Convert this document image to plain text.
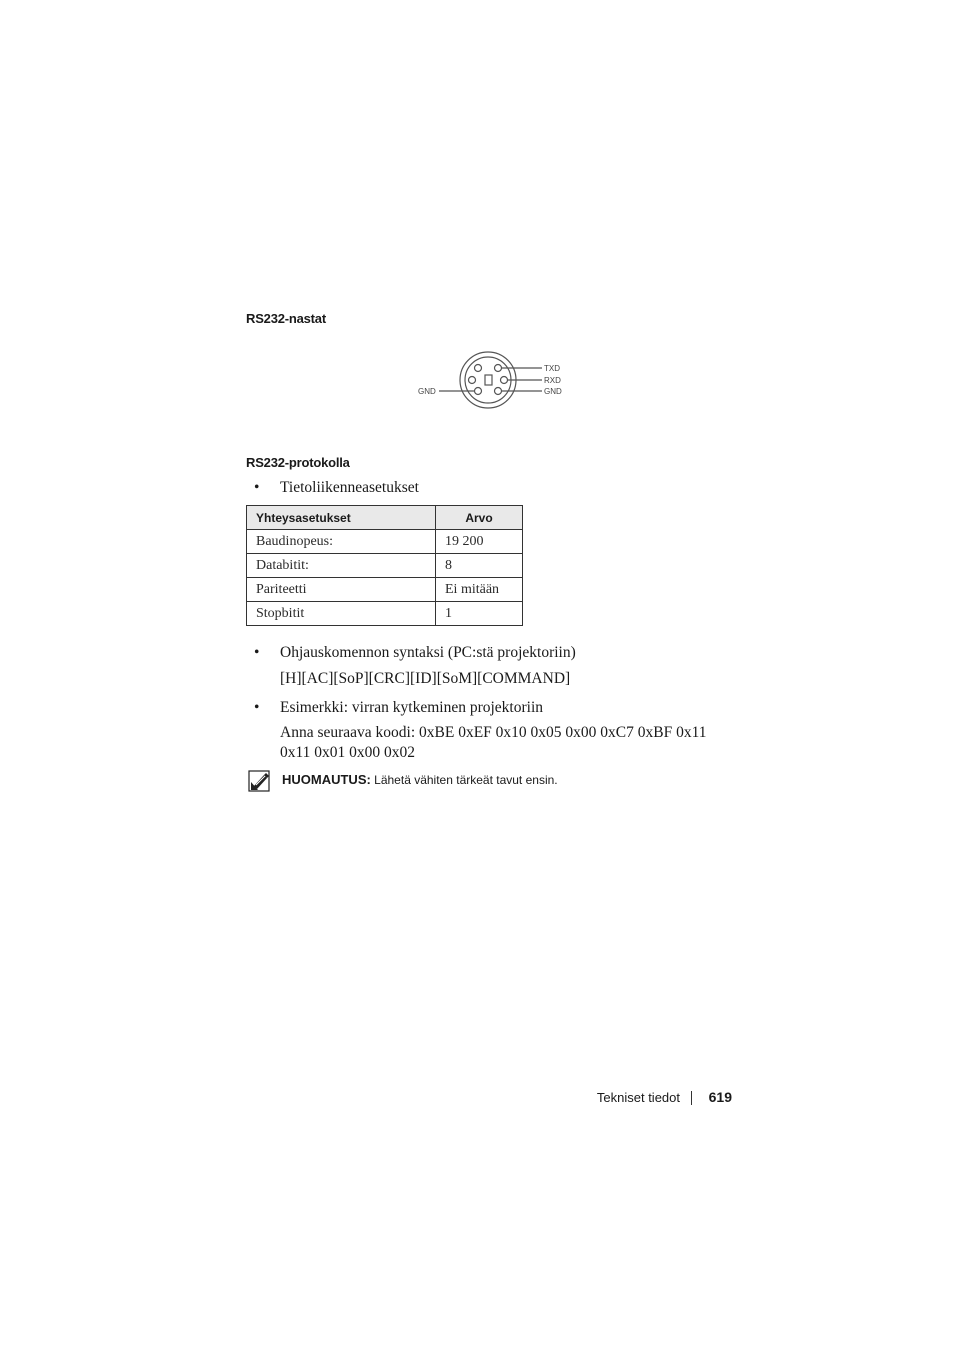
RS232-nastat
GND
TXD
RXD
GND
RS232-protokolla
•	Tietoliikenneasetukset
Yhteysasetukset	Arvo
Baudinopeus:	19 200
Databitit:	8
Pariteetti	Ei mitään
Stopbitit	1
•	Ohjauskomennon syntaksi (PC:stä projektoriin)
[H][AC][SoP][CRC][ID][SoM][COMMAND]
•	Esimerkki: virran kytkeminen projektoriin
Anna seuraava koodi: 0xBE 0xEF 0x10 0x05 0x00 0xC7 0xBF 0x11
0x11 0x01 0x00 0x02
HUOMAUTUS: Lähetä vähiten tärkeät tavut ensin.
Tekniset tiedot 619
